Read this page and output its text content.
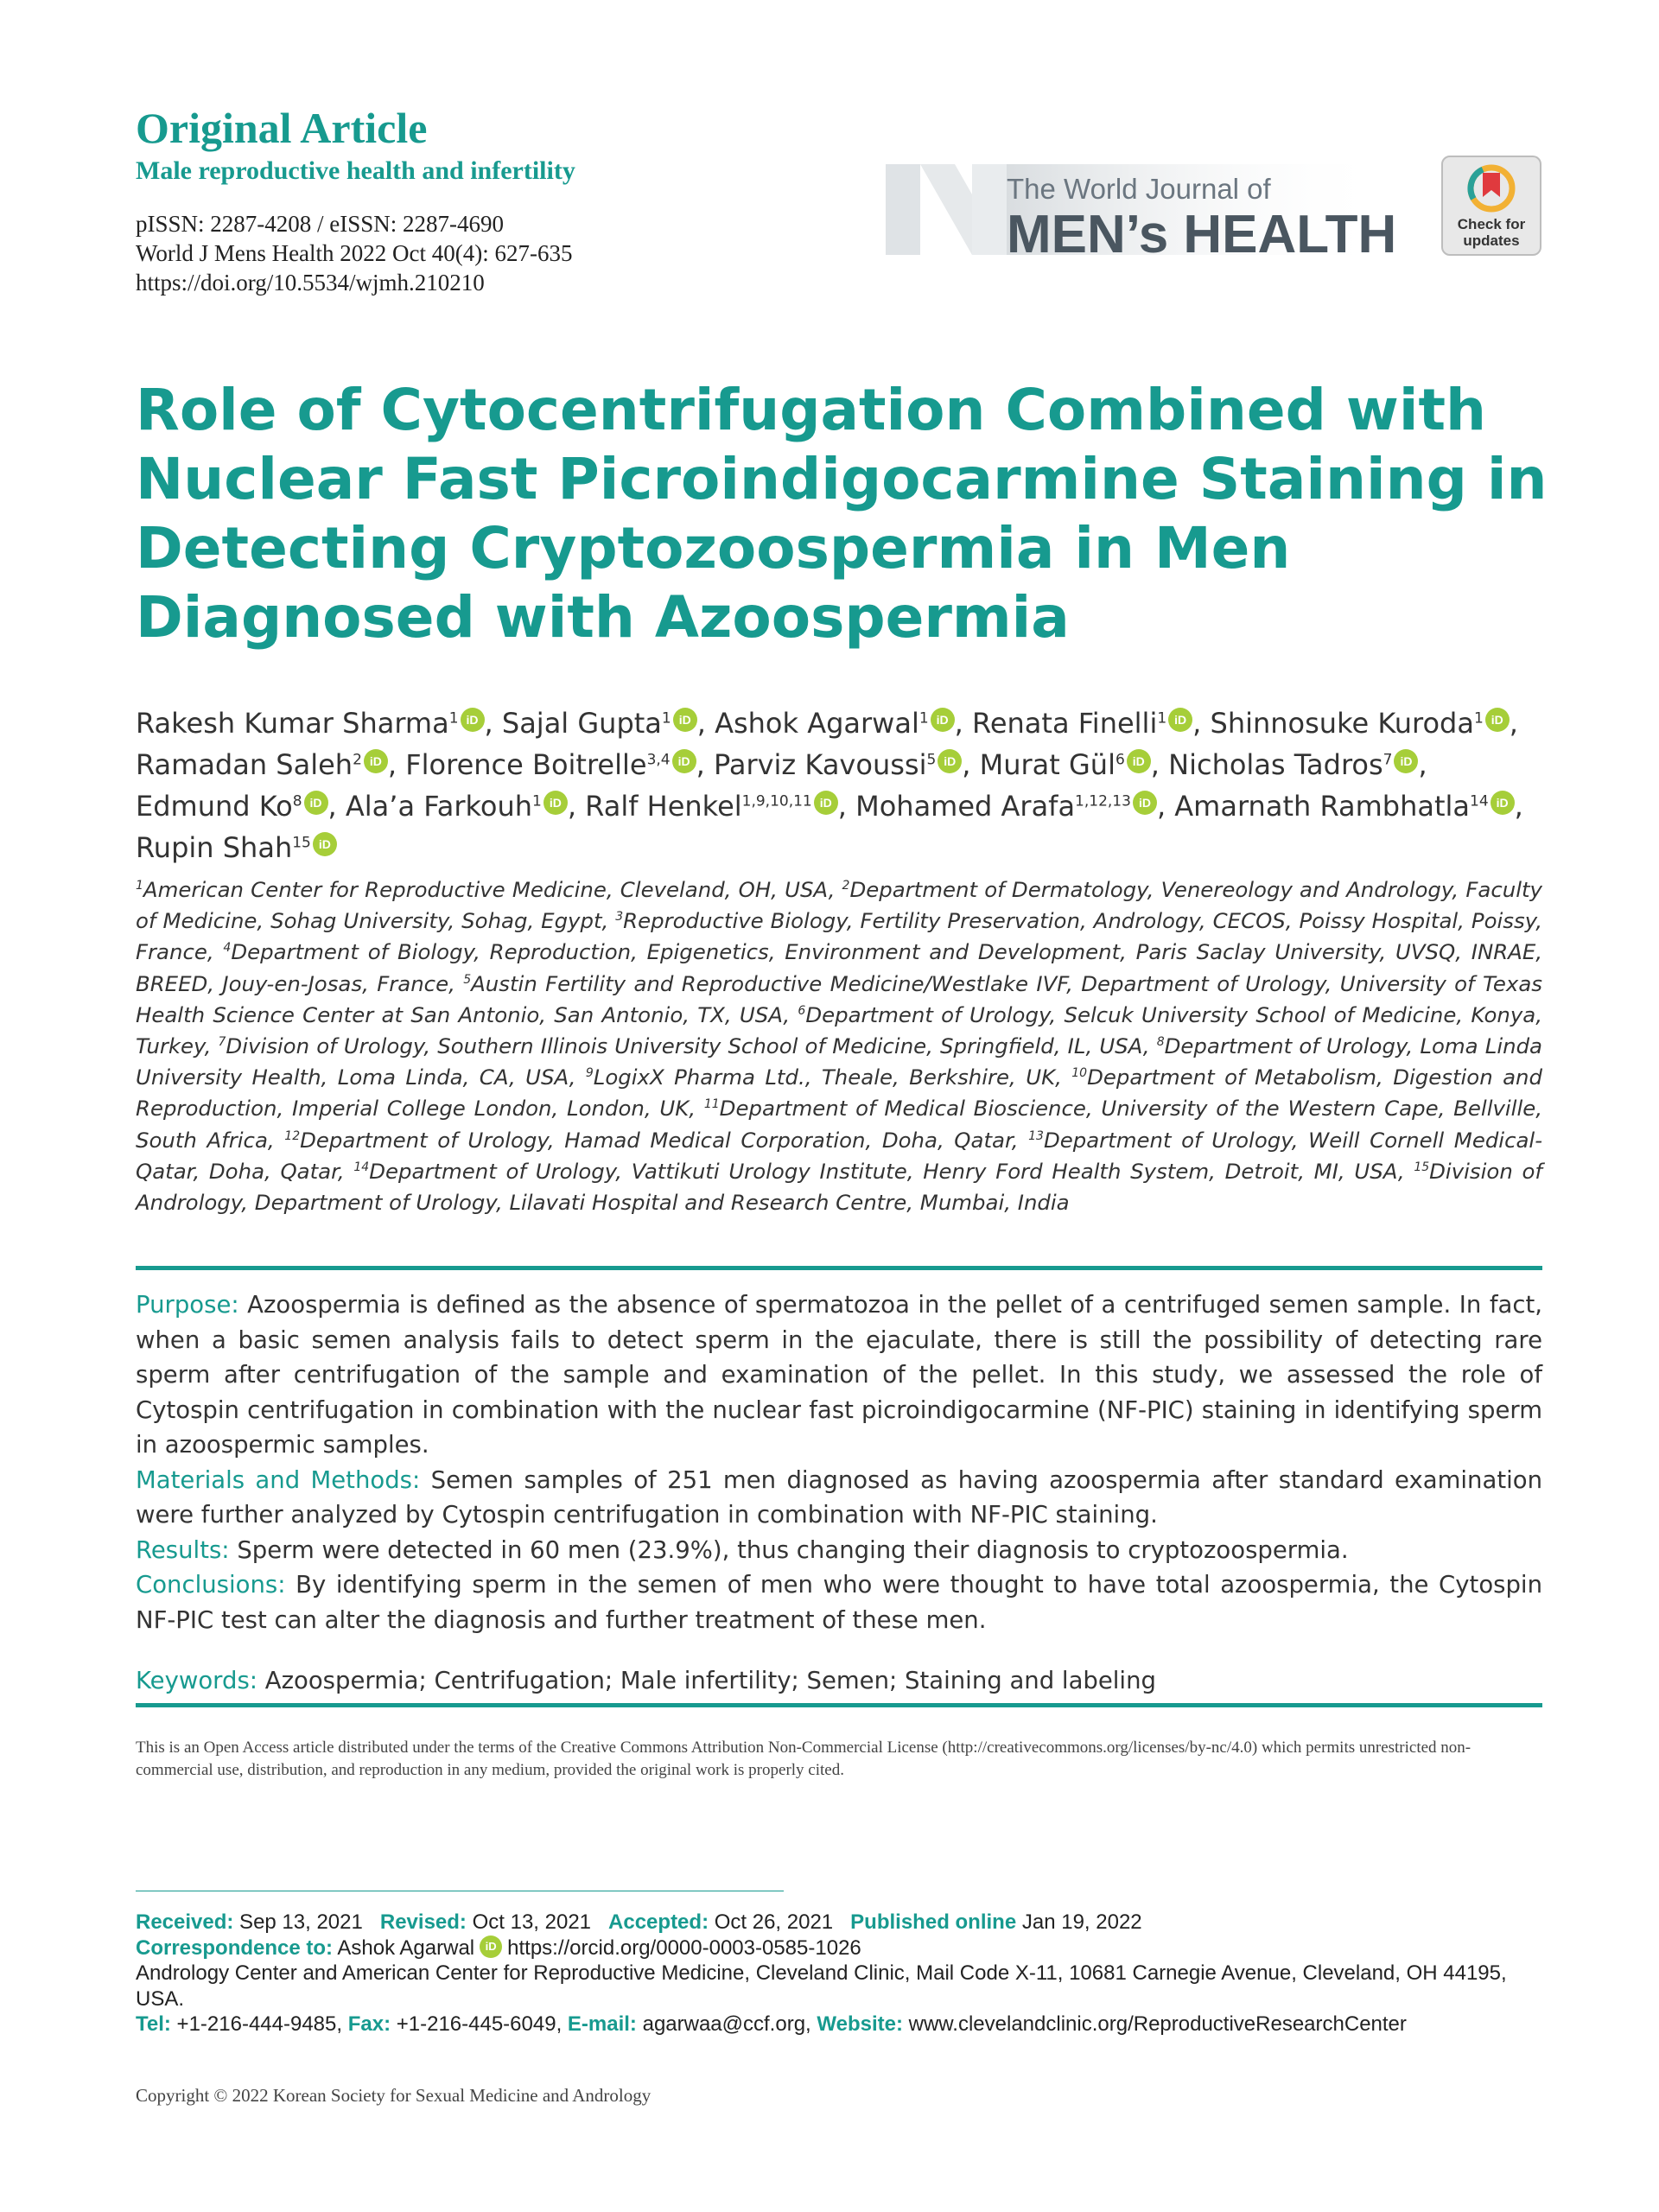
Original Article
Male reproductive health and infertility
pISSN: 2287-4208 / eISSN: 2287-4690
World J Mens Health 2022 Oct 40(4): 627-635
https://doi.org/10.5534/wjmh.210210
The World Journal of
MEN’s HEALTH	Check for
updates
Role of Cytocentrifugation Combined with Nuclear Fast Picroindigocarmine Staining in Detecting Cryptozoospermia in Men Diagnosed with Azoospermia
Rakesh Kumar Sharma$^1$ iD , Sajal Gupta$^1$ iD , Ashok Agarwal$^1$ iD , Renata Finelli$^1$ iD , Shinnosuke Kuroda$^1$ iD , Ramadan Saleh$^2$ iD , Florence Boitrelle$^{3,4}$ iD , Parviz Kavoussi$^5$ iD , Murat Gül$^6$ iD , Nicholas Tadros$^7$ iD , Edmund Ko$^8$ iD , Ala’a Farkouh$^1$ iD , Ralf Henkel$^{1,9,10,11}$ iD , Mohamed Arafa$^{1,12,13}$ iD , Amarnath Rambhatla$^{14}$ iD , Rupin Shah$^{15}$ iD
$^1$American Center for Reproductive Medicine, Cleveland, OH, USA, $^2$Department of Dermatology, Venereology and Andrology, Faculty of Medicine, Sohag University, Sohag, Egypt, $^3$Reproductive Biology, Fertility Preservation, Andrology, CECOS, Poissy Hospital, Poissy, France, $^4$Department of Biology, Reproduction, Epigenetics, Environment and Development, Paris Saclay University, UVSQ, INRAE, BREED, Jouy-en-Josas, France, $^5$Austin Fertility and Reproductive Medicine/Westlake IVF, Department of Urology, University of Texas Health Science Center at San Antonio, San Antonio, TX, USA, $^6$Department of Urology, Selcuk University School of Medicine, Konya, Turkey, $^7$Division of Urology, Southern Illinois University School of Medicine, Springfield, IL, USA, $^8$Department of Urology, Loma Linda University Health, Loma Linda, CA, USA, $^9$LogixX Pharma Ltd., Theale, Berkshire, UK, $^{10}$Department of Metabolism, Digestion and Reproduction, Imperial College London, London, UK, $^{11}$Department of Medical Bioscience, University of the Western Cape, Bellville, South Africa, $^{12}$Department of Urology, Hamad Medical Corporation, Doha, Qatar, $^{13}$Department of Urology, Weill Cornell Medical-Qatar, Doha, Qatar, $^{14}$Department of Urology, Vattikuti Urology Institute, Henry Ford Health System, Detroit, MI, USA, $^{15}$Division of Andrology, Department of Urology, Lilavati Hospital and Research Centre, Mumbai, India

Purpose: Azoospermia is defined as the absence of spermatozoa in the pellet of a centrifuged semen sample. In fact, when a basic semen analysis fails to detect sperm in the ejaculate, there is still the possibility of detecting rare sperm after centrifugation of the sample and examination of the pellet. In this study, we assessed the role of Cytospin centrifugation in combination with the nuclear fast picroindigocarmine (NF-PIC) staining in identifying sperm in azoospermic samples.

Materials and Methods: Semen samples of 251 men diagnosed as having azoospermia after standard examination were further analyzed by Cytospin centrifugation in combination with NF-PIC staining.

Results: Sperm were detected in 60 men (23.9%), thus changing their diagnosis to cryptozoospermia.

Conclusions: By identifying sperm in the semen of men who were thought to have total azoospermia, the Cytospin NF-PIC test can alter the diagnosis and further treatment of these men.

Keywords: Azoospermia; Centrifugation; Male infertility; Semen; Staining and labeling

This is an Open Access article distributed under the terms of the Creative Commons Attribution Non-Commercial License (http://creativecommons.org/licenses/by-nc/4.0) which permits unrestricted non-commercial use, distribution, and reproduction in any medium, provided the original work is properly cited.
Received: Sep 13, 2021 Revised: Oct 13, 2021 Accepted: Oct 26, 2021 Published online Jan 19, 2022
Correspondence to: Ashok Agarwal iD https://orcid.org/0000-0003-0585-1026
Andrology Center and American Center for Reproductive Medicine, Cleveland Clinic, Mail Code X-11, 10681 Carnegie Avenue, Cleveland, OH 44195, USA.
Tel: +1-216-444-9485, Fax: +1-216-445-6049, E-mail: agarwaa@ccf.org, Website: www.clevelandclinic.org/ReproductiveResearchCenter
Copyright © 2022 Korean Society for Sexual Medicine and Andrology
